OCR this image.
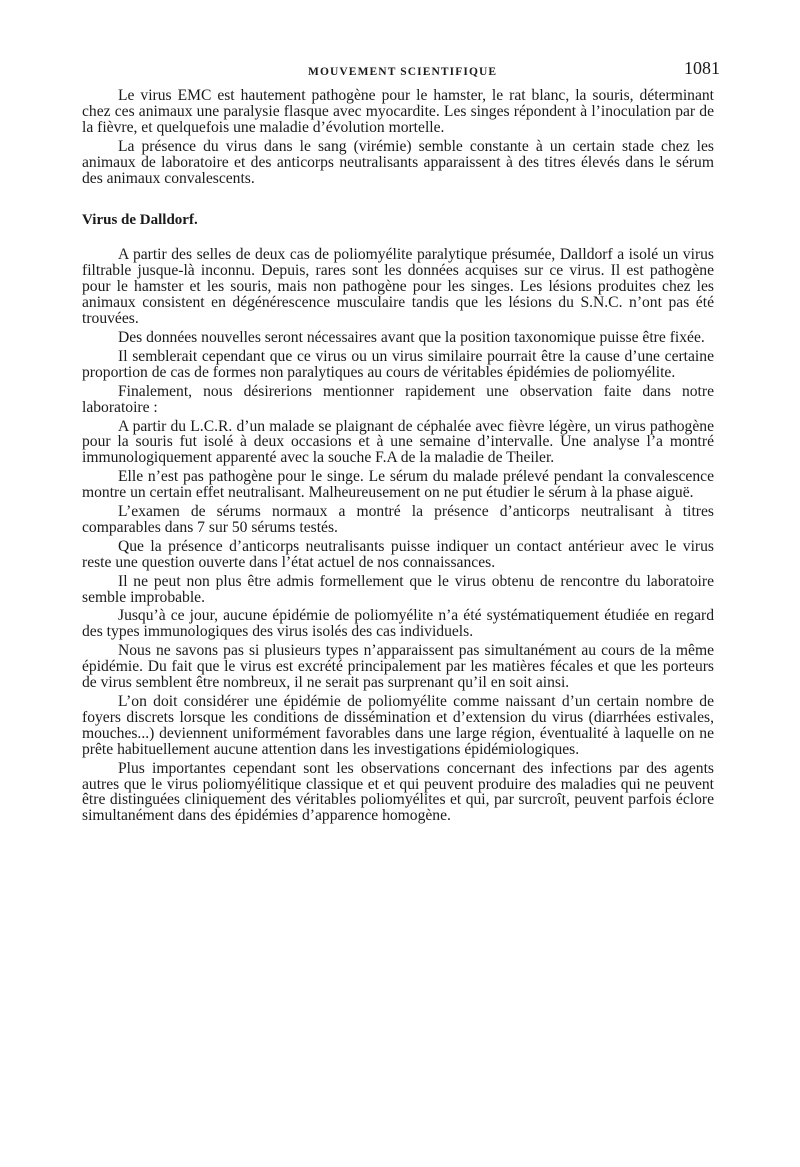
MOUVEMENT SCIENTIFIQUE	1081

Le virus EMC est hautement pathogène pour le hamster, le rat blanc, la souris, déterminant chez ces animaux une paralysie flasque avec myocardite. Les singes répondent à l’inoculation par de la fièvre, et quelquefois une maladie d’évolution mortelle.

La présence du virus dans le sang (virémie) semble constante à un certain stade chez les animaux de laboratoire et des anticorps neutralisants apparaissent à des titres élevés dans le sérum des animaux convalescents.

Virus de Dalldorf.

A partir des selles de deux cas de poliomyélite paralytique présumée, Dalldorf a isolé un virus filtrable jusque-là inconnu. Depuis, rares sont les données acquises sur ce virus. Il est pathogène pour le hamster et les souris, mais non pathogène pour les singes. Les lésions produites chez les animaux consistent en dégénérescence musculaire tandis que les lésions du S.N.C. n’ont pas été trouvées.

Des données nouvelles seront nécessaires avant que la position taxonomique puisse être fixée.

Il semblerait cependant que ce virus ou un virus similaire pourrait être la cause d’une certaine proportion de cas de formes non paralytiques au cours de véritables épidémies de poliomyélite.

Finalement, nous désirerions mentionner rapidement une observation faite dans notre laboratoire :

A partir du L.C.R. d’un malade se plaignant de céphalée avec fièvre légère, un virus pathogène pour la souris fut isolé à deux occasions et à une semaine d’intervalle. Une analyse l’a montré immunologiquement apparenté avec la souche F.A de la maladie de Theiler.

Elle n’est pas pathogène pour le singe. Le sérum du malade prélevé pendant la convalescence montre un certain effet neutralisant. Malheureusement on ne put étudier le sérum à la phase aiguë.

L’examen de sérums normaux a montré la présence d’anticorps neutralisant à titres comparables dans 7 sur 50 sérums testés.

Que la présence d’anticorps neutralisants puisse indiquer un contact antérieur avec le virus reste une question ouverte dans l’état actuel de nos connaissances.

Il ne peut non plus être admis formellement que le virus obtenu de rencontre du laboratoire semble improbable.

Jusqu’à ce jour, aucune épidémie de poliomyélite n’a été systématiquement étudiée en regard des types immunologiques des virus isolés des cas individuels.

Nous ne savons pas si plusieurs types n’apparaissent pas simultanément au cours de la même épidémie. Du fait que le virus est excrété principalement par les matières fécales et que les porteurs de virus semblent être nombreux, il ne serait pas surprenant qu’il en soit ainsi.

L’on doit considérer une épidémie de poliomyélite comme naissant d’un certain nombre de foyers discrets lorsque les conditions de dissémination et d’extension du virus (diarrhées estivales, mouches...) deviennent uniformément favorables dans une large région, éventualité à laquelle on ne prête habituellement aucune attention dans les investigations épidémiologiques.

Plus importantes cependant sont les observations concernant des infections par des agents autres que le virus poliomyélitique classique et et qui peuvent produire des maladies qui ne peuvent être distinguées cliniquement des véritables poliomyélites et qui, par surcroît, peuvent parfois éclore simultanément dans des épidémies d’apparence homogène.
